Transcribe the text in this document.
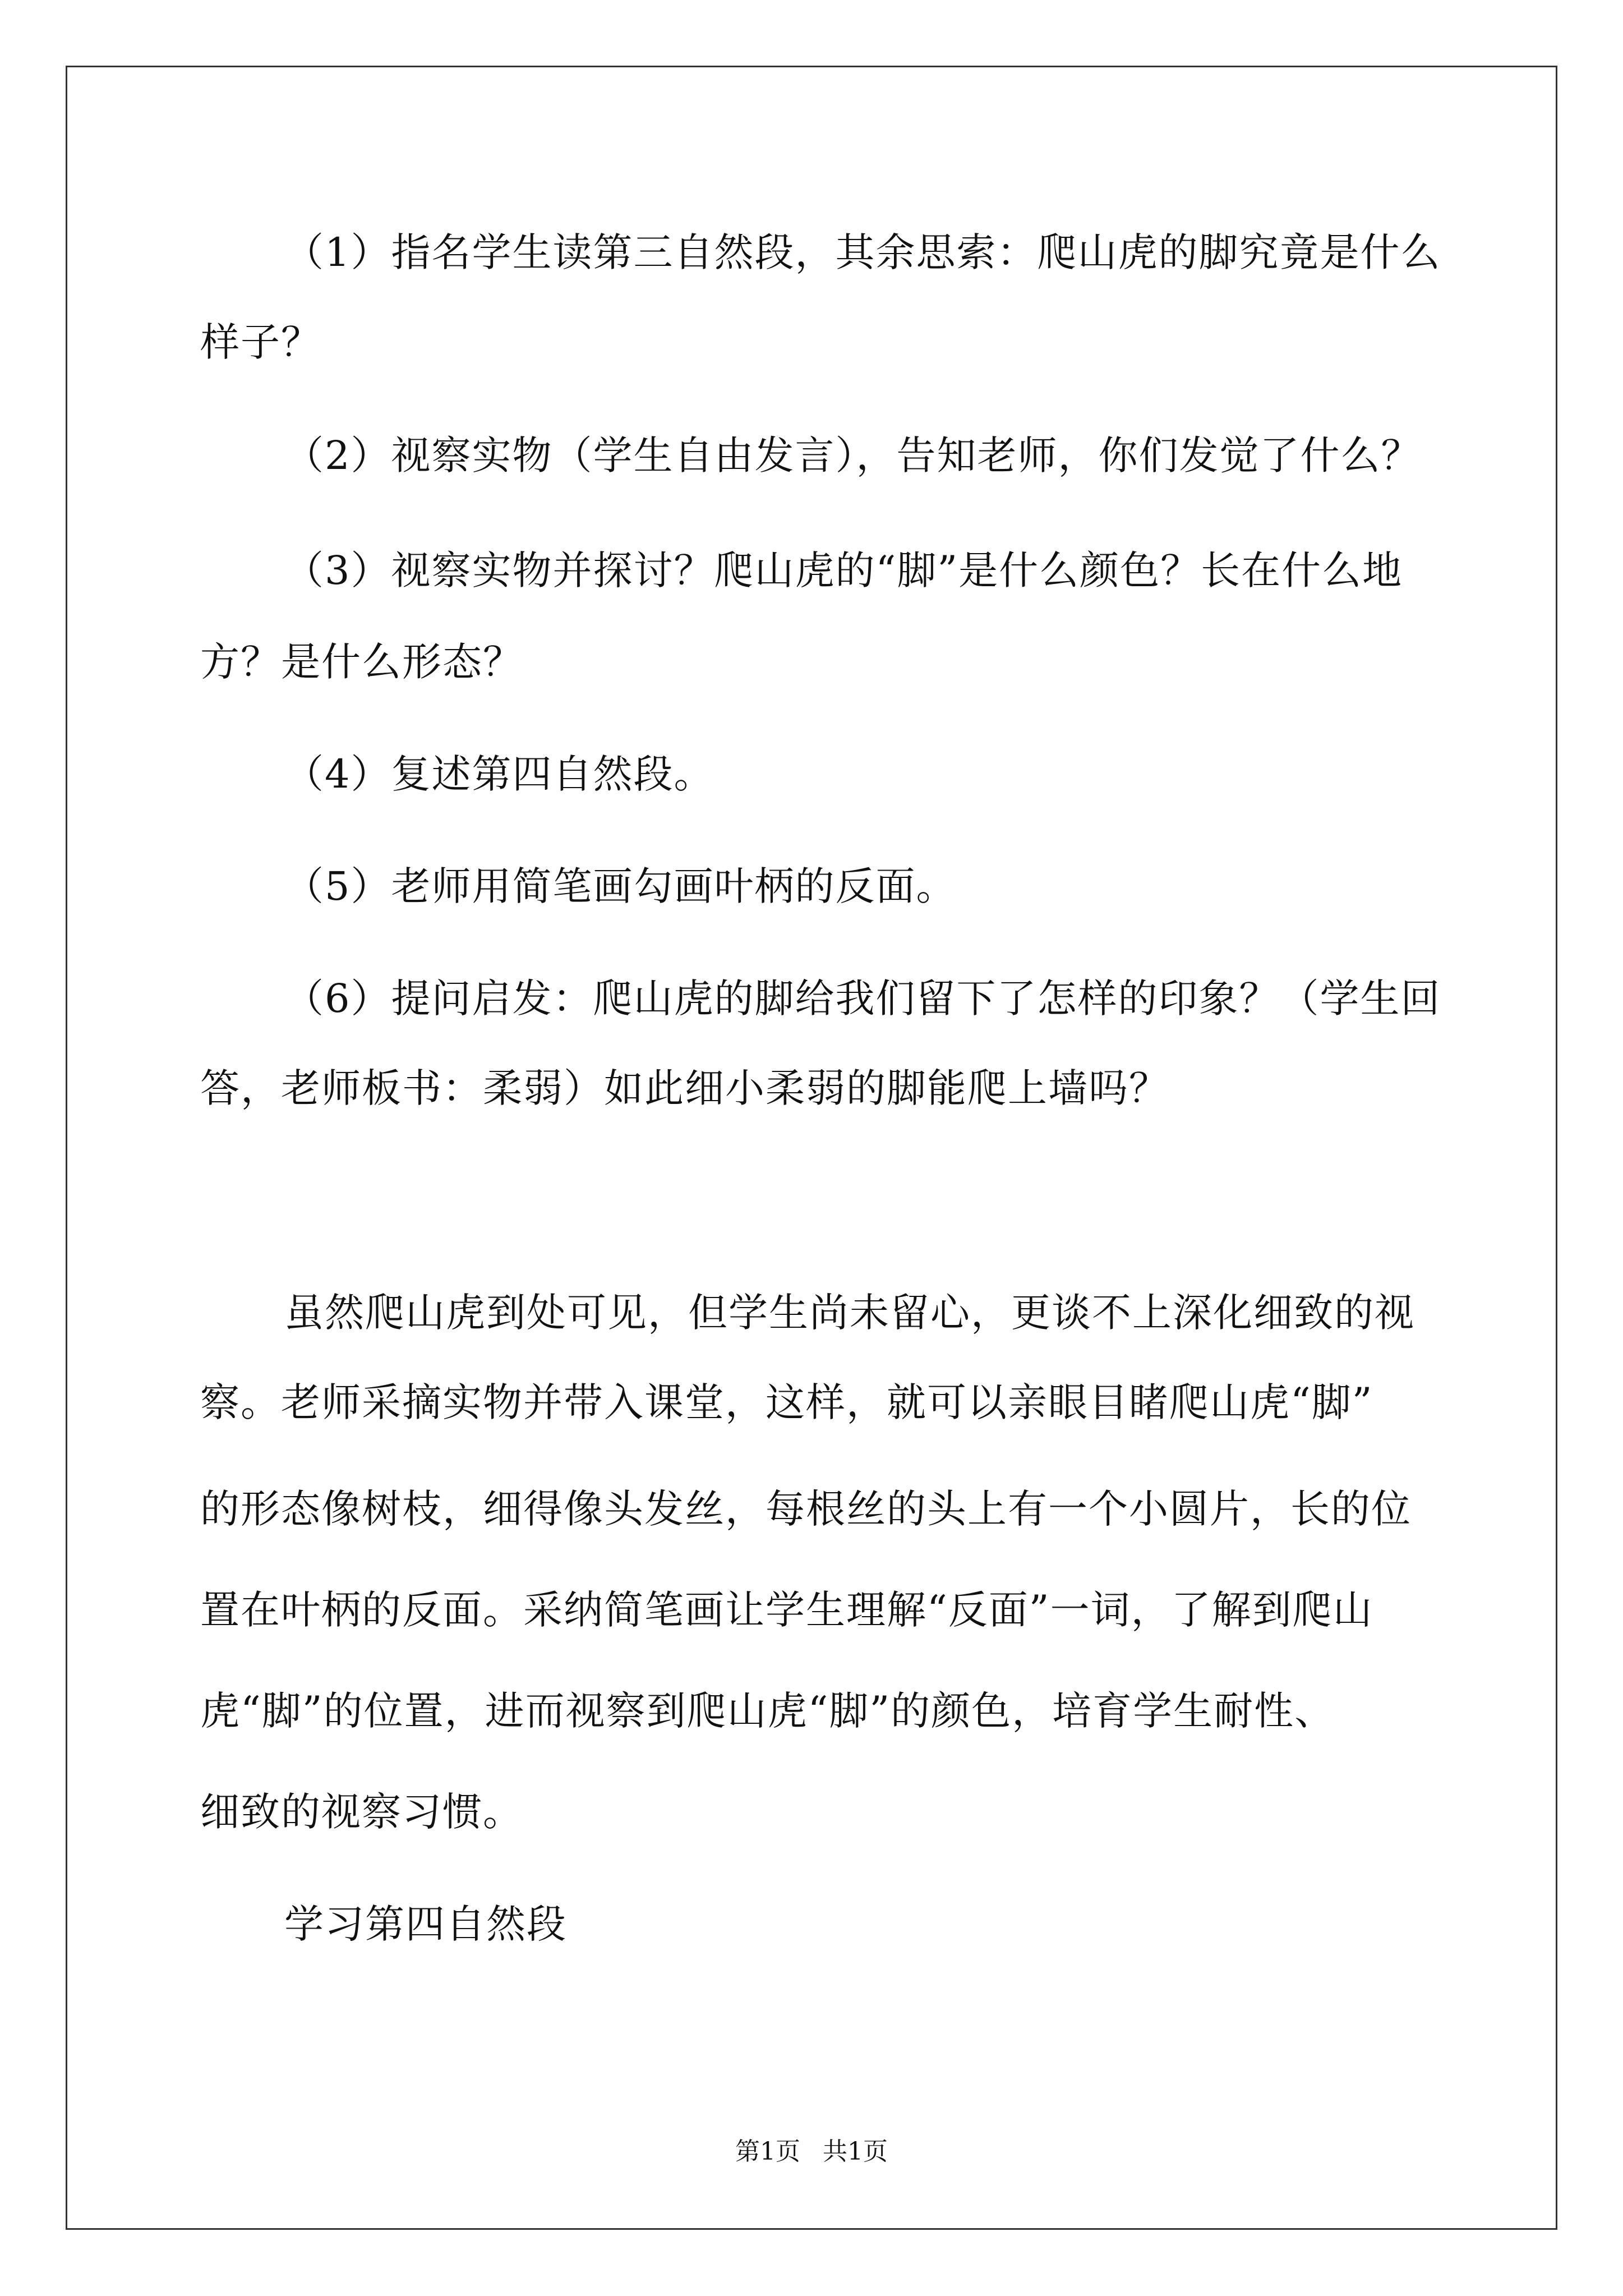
（1）指名学生读第三自然段，其余思索：爬山虎的脚究竟是什么
样子？
（2）视察实物（学生自由发言），告知老师，你们发觉了什么？
（3）视察实物并探讨？爬山虎的“脚”是什么颜色？长在什么地
方？是什么形态？
（4）复述第四自然段。
（5）老师用简笔画勾画叶柄的反面。
（6）提问启发：爬山虎的脚给我们留下了怎样的印象？（学生回
答，老师板书：柔弱）如此细小柔弱的脚能爬上墙吗？
虽然爬山虎到处可见，但学生尚未留心，更谈不上深化细致的视
察。老师采摘实物并带入课堂，这样，就可以亲眼目睹爬山虎“脚”
的形态像树枝，细得像头发丝，每根丝的头上有一个小圆片，长的位
置在叶柄的反面。采纳简笔画让学生理解“反面”一词，了解到爬山
虎“脚”的位置，进而视察到爬山虎“脚”的颜色，培育学生耐性、
细致的视察习惯。
学习第四自然段
第1页 共1页
